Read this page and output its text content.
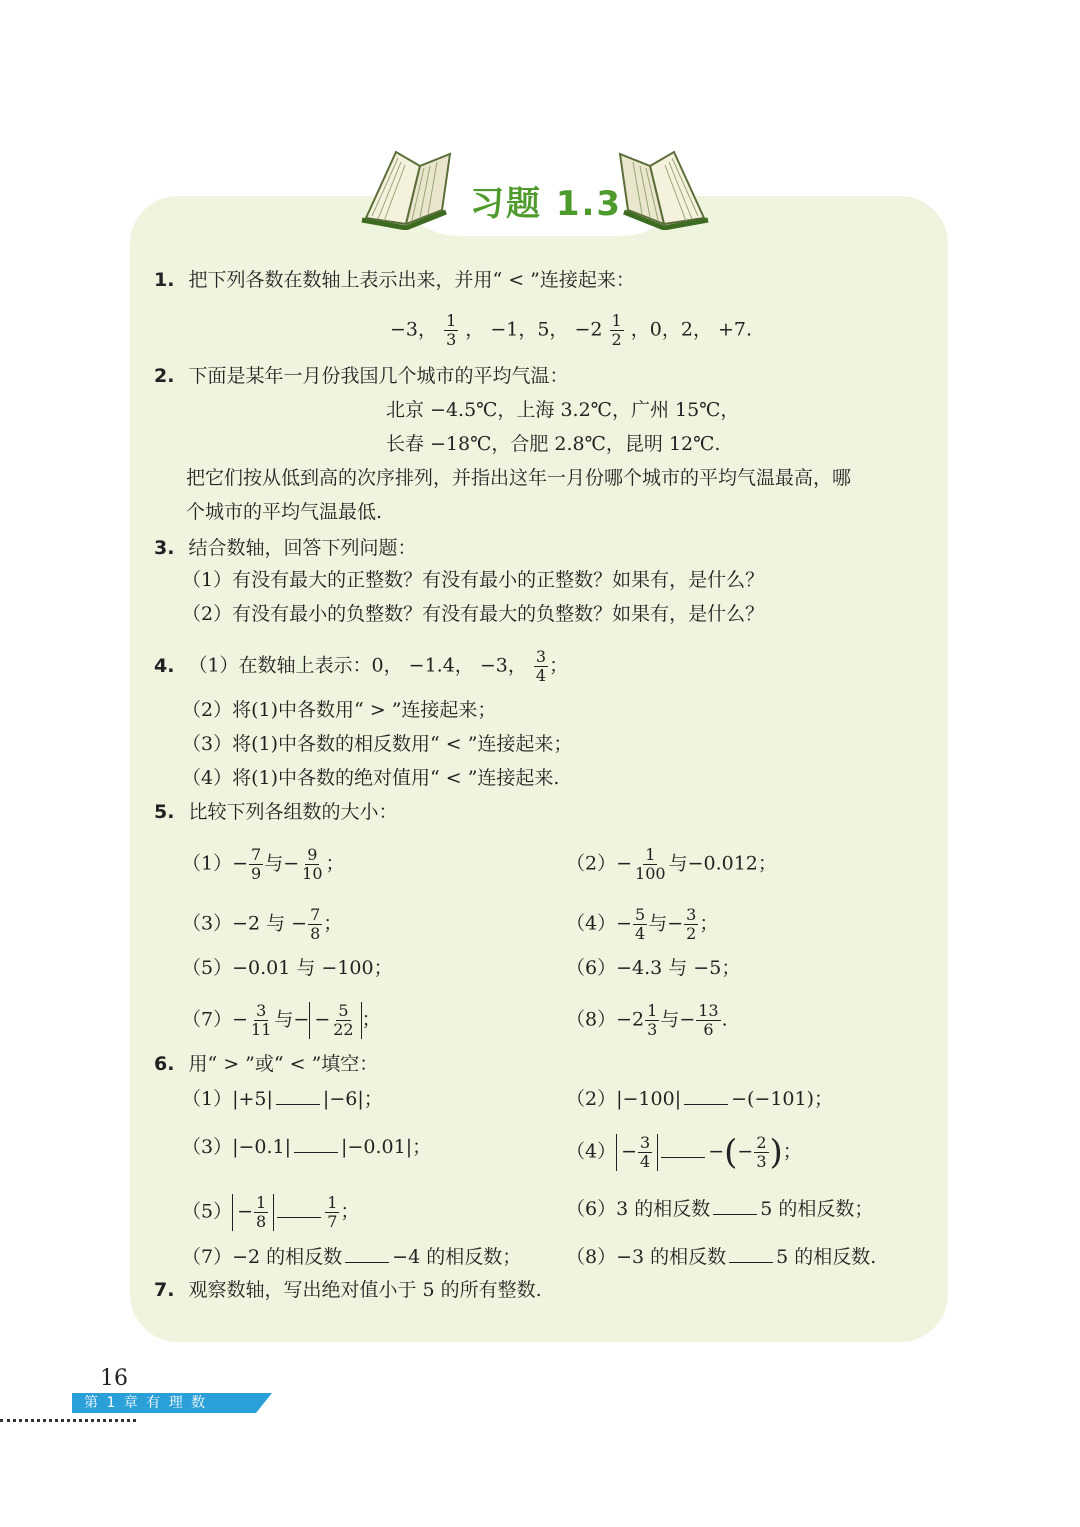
习题 1.3
1. 把下列各数在数轴上表示出来，并用“ < ”连接起来：
−3， $\frac{1}{3}$ ， −1，5， $-2 \frac{1}{2}$ ，0，2， +7.
2. 下面是某年一月份我国几个城市的平均气温：
北京 −4.5℃，上海 3.2℃，广州 15℃，
长春 −18℃，合肥 2.8℃，昆明 12℃.
把它们按从低到高的次序排列，并指出这年一月份哪个城市的平均气温最高，哪
个城市的平均气温最低.
3. 结合数轴，回答下列问题：
（1）有没有最大的正整数？有没有最小的正整数？如果有，是什么？
（2）有没有最小的负整数？有没有最大的负整数？如果有，是什么？
4. （1）在数轴上表示：0， −1.4， −3， $\frac{3}{4}$ ；
（2）将(1)中各数用“ > ”连接起来；
（3）将(1)中各数的相反数用“ < ”连接起来；
（4）将(1)中各数的绝对值用“ < ”连接起来.
5. 比较下列各组数的大小：
$(1)- \frac{7}{9}$ 与− $\frac{9}{10}$ ；	$(2)- \frac{1}{100}$ 与−0.012；
（3）−2 与 − $\frac{7}{8}$ ；	$(4)- \frac{5}{4}$ 与− $\frac{3}{2}$ ；
（5）−0.01 与 −100；	（6）−4.3 与 −5；
$(7)- \frac{3}{11}$ 与− − $\frac{5}{22}$ ；	$(8)-2 \frac{1}{3}$ 与− $\frac{13}{6}$ .
6. 用“ > ”或“ < ”填空：
（1）|+5|	|−6|；	（2）|−100|	−(−101)；
（3）|−0.1|	|−0.01|；	$(4) - \frac{3}{4}$	−(− $\frac{2}{3}$ )；
$(5) - \frac{1}{8}$	$\frac{1}{7}$ ；	（6）3 的相反数	5 的相反数；
（7）−2 的相反数	−4 的相反数； （8）−3 的相反数	5 的相反数.
7. 观察数轴，写出绝对值小于 5 的所有整数.
16
第 1 章 有 理 数
